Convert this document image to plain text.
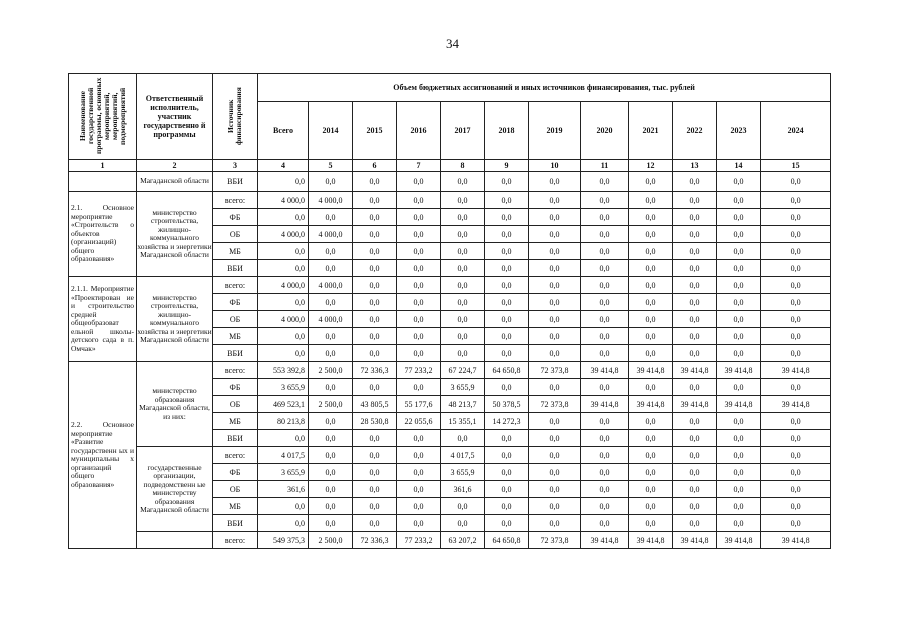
34
Наименование государственной программы, основных мероприятий, мероприятий, подмероприятий	Ответственный исполнитель, участник государственно й программы	Источник финансирования	Объем бюджетных ассигнований и иных источников финансирования, тыс. рублей											
			Всего	2014	2015	2016	2017	2018	2019	2020	2021	2022	2023	2024
1	2	3	4	5	6	7	8	9	10	11	12	13	14	15
	Магаданской области	ВБИ	0,0	0,0	0,0	0,0	0,0	0,0	0,0	0,0	0,0	0,0	0,0	0,0
2.1. Основное мероприятие «Строительств о объектов (организаций) общего образования»	министерство строительства, жилищно-коммунального хозяйства и энергетики Магаданской области	всего:	4 000,0	4 000,0	0,0	0,0	0,0	0,0	0,0	0,0	0,0	0,0	0,0	0,0
		ФБ	0,0	0,0	0,0	0,0	0,0	0,0	0,0	0,0	0,0	0,0	0,0	0,0
		ОБ	4 000,0	4 000,0	0,0	0,0	0,0	0,0	0,0	0,0	0,0	0,0	0,0	0,0
		МБ	0,0	0,0	0,0	0,0	0,0	0,0	0,0	0,0	0,0	0,0	0,0	0,0
		ВБИ	0,0	0,0	0,0	0,0	0,0	0,0	0,0	0,0	0,0	0,0	0,0	0,0
2.1.1. Мероприятие «Проектирован ие и строительство средней общеобразоват ельной школы-детского сада в п. Омчак»	министерство строительства, жилищно-коммунального хозяйства и энергетики Магаданской области	всего:	4 000,0	4 000,0	0,0	0,0	0,0	0,0	0,0	0,0	0,0	0,0	0,0	0,0
		ФБ	0,0	0,0	0,0	0,0	0,0	0,0	0,0	0,0	0,0	0,0	0,0	0,0
		ОБ	4 000,0	4 000,0	0,0	0,0	0,0	0,0	0,0	0,0	0,0	0,0	0,0	0,0
		МБ	0,0	0,0	0,0	0,0	0,0	0,0	0,0	0,0	0,0	0,0	0,0	0,0
		ВБИ	0,0	0,0	0,0	0,0	0,0	0,0	0,0	0,0	0,0	0,0	0,0	0,0
2.2. Основное мероприятие «Развитие государственн ых и муниципальны х организаций общего образования»	министерство образования Магаданской области, из них:	всего:	553 392,8	2 500,0	72 336,3	77 233,2	67 224,7	64 650,8	72 373,8	39 414,8	39 414,8	39 414,8	39 414,8	39 414,8
		ФБ	3 655,9	0,0	0,0	0,0	3 655,9	0,0	0,0	0,0	0,0	0,0	0,0	0,0
		ОБ	469 523,1	2 500,0	43 805,5	55 177,6	48 213,7	50 378,5	72 373,8	39 414,8	39 414,8	39 414,8	39 414,8	39 414,8
		МБ	80 213,8	0,0	28 530,8	22 055,6	15 355,1	14 272,3	0,0	0,0	0,0	0,0	0,0	0,0
		ВБИ	0,0	0,0	0,0	0,0	0,0	0,0	0,0	0,0	0,0	0,0	0,0	0,0
	государственные организации, подведомственн ые министерству образования Магаданской области	всего:	4 017,5	0,0	0,0	0,0	4 017,5	0,0	0,0	0,0	0,0	0,0	0,0	0,0
		ФБ	3 655,9	0,0	0,0	0,0	3 655,9	0,0	0,0	0,0	0,0	0,0	0,0	0,0
		ОБ	361,6	0,0	0,0	0,0	361,6	0,0	0,0	0,0	0,0	0,0	0,0	0,0
		МБ	0,0	0,0	0,0	0,0	0,0	0,0	0,0	0,0	0,0	0,0	0,0	0,0
		ВБИ	0,0	0,0	0,0	0,0	0,0	0,0	0,0	0,0	0,0	0,0	0,0	0,0
		всего:	549 375,3	2 500,0	72 336,3	77 233,2	63 207,2	64 650,8	72 373,8	39 414,8	39 414,8	39 414,8	39 414,8	39 414,8
